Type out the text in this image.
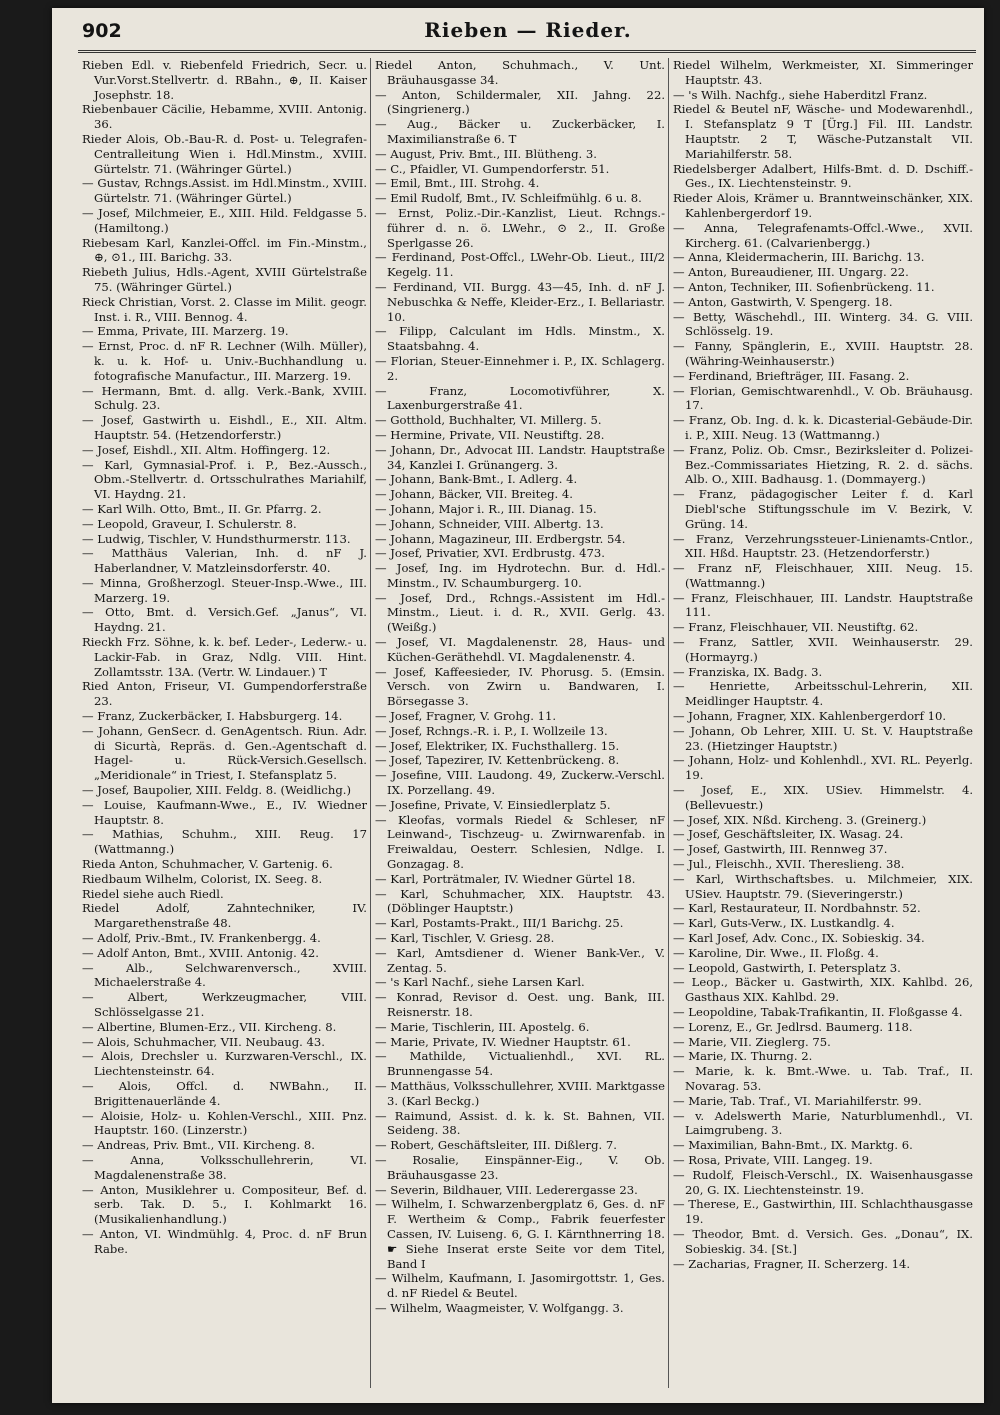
902	Rieben — Rieder.

Rieben Edl. v. Riebenfeld Friedrich, Secr. u. Vur.Vorst.Stellvertr. d. RBahn., ⊕, II. Kaiser Josephstr. 18.

Riebenbauer Cäcilie, Hebamme, XVIII. Antonig. 36.

Rieder Alois, Ob.-Bau-R. d. Post- u. Telegrafen-Centralleitung Wien i. Hdl.Minstm., XVIII. Gürtelstr. 71. (Währinger Gürtel.)

— Gustav, Rchngs.Assist. im Hdl.Minstm., XVIII. Gürtelstr. 71. (Währinger Gürtel.)

— Josef, Milchmeier, E., XIII. Hild. Feldgasse 5. (Hamiltong.)

Riebesam Karl, Kanzlei-Offcl. im Fin.-Minstm., ⊕, ⊙1., III. Barichg. 33.

Riebeth Julius, Hdls.-Agent, XVIII Gürtelstraße 75. (Währinger Gürtel.)

Rieck Christian, Vorst. 2. Classe im Milit. geogr. Inst. i. R., VIII. Bennog. 4.

— Emma, Private, III. Marzerg. 19.

— Ernst, Proc. d. nF R. Lechner (Wilh. Müller), k. u. k. Hof- u. Univ.-Buchhandlung u. fotografische Manufactur., III. Marzerg. 19.

— Hermann, Bmt. d. allg. Verk.-Bank, XVIII. Schulg. 23.

— Josef, Gastwirth u. Eishdl., E., XII. Altm. Hauptstr. 54. (Hetzendorferstr.)

— Josef, Eishdl., XII. Altm. Hoffingerg. 12.

— Karl, Gymnasial-Prof. i. P., Bez.-Aussch., Obm.-Stellvertr. d. Ortsschulrathes Mariahilf, VI. Haydng. 21.

— Karl Wilh. Otto, Bmt., II. Gr. Pfarrg. 2.

— Leopold, Graveur, I. Schulerstr. 8.

— Ludwig, Tischler, V. Hundsthurmerstr. 113.

— Matthäus Valerian, Inh. d. nF J. Haberlandner, V. Matzleinsdorferstr. 40.

— Minna, Großherzogl. Steuer-Insp.-Wwe., III. Marzerg. 19.

— Otto, Bmt. d. Versich.Gef. „Janus“, VI. Haydng. 21.

Rieckh Frz. Söhne, k. k. bef. Leder-, Lederw.- u. Lackir-Fab. in Graz, Ndlg. VIII. Hint. Zollamtsstr. 13A. (Vertr. W. Lindauer.) T

Ried Anton, Friseur, VI. Gumpendorferstraße 23.

— Franz, Zuckerbäcker, I. Habsburgerg. 14.

— Johann, GenSecr. d. GenAgentsch. Riun. Adr. di Sicurtà, Repräs. d. Gen.-Agentschaft d. Hagel- u. Rück-Versich.Gesellsch. „Meridionale“ in Triest, I. Stefansplatz 5.

— Josef, Baupolier, XIII. Feldg. 8. (Weidlichg.)

— Louise, Kaufmann-Wwe., E., IV. Wiedner Hauptstr. 8.

— Mathias, Schuhm., XIII. Reug. 17 (Wattmanng.)

Rieda Anton, Schuhmacher, V. Gartenig. 6.

Riedbaum Wilhelm, Colorist, IX. Seeg. 8.

Riedel siehe auch Riedl.

Riedel Adolf, Zahntechniker, IV. Margarethenstraße 48.

— Adolf, Priv.-Bmt., IV. Frankenbergg. 4.

— Adolf Anton, Bmt., XVIII. Antonig. 42.

— Alb., Selchwarenversch., XVIII. Michaelerstraße 4.

— Albert, Werkzeugmacher, VIII. Schlösselgasse 21.

— Albertine, Blumen-Erz., VII. Kircheng. 8.

— Alois, Schuhmacher, VII. Neubaug. 43.

— Alois, Drechsler u. Kurzwaren-Verschl., IX. Liechtensteinstr. 64.

— Alois, Offcl. d. NWBahn., II. Brigittenauerlände 4.

— Aloisie, Holz- u. Kohlen-Verschl., XIII. Pnz. Hauptstr. 160. (Linzerstr.)

— Andreas, Priv. Bmt., VII. Kircheng. 8.

— Anna, Volksschullehrerin, VI. Magdalenenstraße 38.

— Anton, Musiklehrer u. Compositeur, Bef. d. serb. Tak. D. 5., I. Kohlmarkt 16. (Musikalienhandlung.)

— Anton, VI. Windmühlg. 4, Proc. d. nF Brun Rabe.

Riedel Anton, Schuhmach., V. Unt. Bräuhausgasse 34.

— Anton, Schildermaler, XII. Jahng. 22. (Singrienerg.)

— Aug., Bäcker u. Zuckerbäcker, I. Maximilianstraße 6. T

— August, Priv. Bmt., III. Blütheng. 3.

— C., Pfaidler, VI. Gumpendorferstr. 51.

— Emil, Bmt., III. Strohg. 4.

— Emil Rudolf, Bmt., IV. Schleifmühlg. 6 u. 8.

— Ernst, Poliz.-Dir.-Kanzlist, Lieut. Rchngs.-führer d. n. ö. LWehr., ⊙ 2., II. Große Sperlgasse 26.

— Ferdinand, Post-Offcl., LWehr-Ob. Lieut., III/2 Kegelg. 11.

— Ferdinand, VII. Burgg. 43—45, Inh. d. nF J. Nebuschka & Neffe, Kleider-Erz., I. Bellariastr. 10.

— Filipp, Calculant im Hdls. Minstm., X. Staatsbahng. 4.

— Florian, Steuer-Einnehmer i. P., IX. Schlagerg. 2.

— Franz, Locomotivführer, X. Laxenburgerstraße 41.

— Gotthold, Buchhalter, VI. Millerg. 5.

— Hermine, Private, VII. Neustiftg. 28.

— Johann, Dr., Advocat III. Landstr. Hauptstraße 34, Kanzlei I. Grünangerg. 3.

— Johann, Bank-Bmt., I. Adlerg. 4.

— Johann, Bäcker, VII. Breiteg. 4.

— Johann, Major i. R., III. Dianag. 15.

— Johann, Schneider, VIII. Albertg. 13.

— Johann, Magazineur, III. Erdbergstr. 54.

— Josef, Privatier, XVI. Erdbrustg. 473.

— Josef, Ing. im Hydrotechn. Bur. d. Hdl.-Minstm., IV. Schaumburgerg. 10.

— Josef, Drd., Rchngs.-Assistent im Hdl.-Minstm., Lieut. i. d. R., XVII. Gerlg. 43. (Weißg.)

— Josef, VI. Magdalenenstr. 28, Haus- und Küchen-Geräthehdl. VI. Magdalenenstr. 4.

— Josef, Kaffeesieder, IV. Phorusg. 5. (Emsin. Versch. von Zwirn u. Bandwaren, I. Börsegasse 3.

— Josef, Fragner, V. Grohg. 11.

— Josef, Rchngs.-R. i. P., I. Wollzeile 13.

— Josef, Elektriker, IX. Fuchsthallerg. 15.

— Josef, Tapezirer, IV. Kettenbrückeng. 8.

— Josefine, VIII. Laudong. 49, Zuckerw.-Verschl. IX. Porzellang. 49.

— Josefine, Private, V. Einsiedlerplatz 5.

— Kleofas, vormals Riedel & Schleser, nF Leinwand-, Tischzeug- u. Zwirnwarenfab. in Freiwaldau, Oesterr. Schlesien, Ndlge. I. Gonzagag. 8.

— Karl, Porträtmaler, IV. Wiedner Gürtel 18.

— Karl, Schuhmacher, XIX. Hauptstr. 43. (Döblinger Hauptstr.)

— Karl, Postamts-Prakt., III/1 Barichg. 25.

— Karl, Tischler, V. Griesg. 28.

— Karl, Amtsdiener d. Wiener Bank-Ver., V. Zentag. 5.

— 's Karl Nachf., siehe Larsen Karl.

— Konrad, Revisor d. Oest. ung. Bank, III. Reisnerstr. 18.

— Marie, Tischlerin, III. Apostelg. 6.

— Marie, Private, IV. Wiedner Hauptstr. 61.

— Mathilde, Victualienhdl., XVI. RL. Brunnengasse 54.

— Matthäus, Volksschullehrer, XVIII. Marktgasse 3. (Karl Beckg.)

— Raimund, Assist. d. k. k. St. Bahnen, VII. Seideng. 38.

— Robert, Geschäftsleiter, III. Dißlerg. 7.

— Rosalie, Einspänner-Eig., V. Ob. Bräuhausgasse 23.

— Severin, Bildhauer, VIII. Lederergasse 23.

— Wilhelm, I. Schwarzenbergplatz 6, Ges. d. nF F. Wertheim & Comp., Fabrik feuerfester Cassen, IV. Luiseng. 6, G. I. Kärnthnerring 18. ☛ Siehe Inserat erste Seite vor dem Titel, Band I

— Wilhelm, Kaufmann, I. Jasomirgottstr. 1, Ges. d. nF Riedel & Beutel.

— Wilhelm, Waagmeister, V. Wolfgangg. 3.

Riedel Wilhelm, Werkmeister, XI. Simmeringer Hauptstr. 43.

— 's Wilh. Nachfg., siehe Haberditzl Franz.

Riedel & Beutel nF, Wäsche- und Modewarenhdl., I. Stefansplatz 9 T [Ürg.] Fil. III. Landstr. Hauptstr. 2 T, Wäsche-Putzanstalt VII. Mariahilferstr. 58.

Riedelsberger Adalbert, Hilfs-Bmt. d. D. Dschiff.-Ges., IX. Liechtensteinstr. 9.

Rieder Alois, Krämer u. Branntweinschänker, XIX. Kahlenbergerdorf 19.

— Anna, Telegrafenamts-Offcl.-Wwe., XVII. Kircherg. 61. (Calvarienbergg.)

— Anna, Kleidermacherin, III. Barichg. 13.

— Anton, Bureaudiener, III. Ungarg. 22.

— Anton, Techniker, III. Sofienbrückeng. 11.

— Anton, Gastwirth, V. Spengerg. 18.

— Betty, Wäschehdl., III. Winterg. 34. G. VIII. Schlösselg. 19.

— Fanny, Spänglerin, E., XVIII. Hauptstr. 28. (Währing-Weinhauserstr.)

— Ferdinand, Briefträger, III. Fasang. 2.

— Florian, Gemischtwarenhdl., V. Ob. Bräuhausg. 17.

— Franz, Ob. Ing. d. k. k. Dicasterial-Gebäude-Dir. i. P., XIII. Neug. 13 (Wattmanng.)

— Franz, Poliz. Ob. Cmsr., Bezirksleiter d. Polizei-Bez.-Commissariates Hietzing, R. 2. d. sächs. Alb. O., XIII. Badhausg. 1. (Dommayerg.)

— Franz, pädagogischer Leiter f. d. Karl Diebl'sche Stiftungsschule im V. Bezirk, V. Grüng. 14.

— Franz, Verzehrungssteuer-Linienamts-Cntlor., XII. Hßd. Hauptstr. 23. (Hetzendorferstr.)

— Franz nF, Fleischhauer, XIII. Neug. 15. (Wattmanng.)

— Franz, Fleischhauer, III. Landstr. Hauptstraße 111.

— Franz, Fleischhauer, VII. Neustiftg. 62.

— Franz, Sattler, XVII. Weinhauserstr. 29. (Hormayrg.)

— Franziska, IX. Badg. 3.

— Henriette, Arbeitsschul-Lehrerin, XII. Meidlinger Hauptstr. 4.

— Johann, Fragner, XIX. Kahlenbergerdorf 10.

— Johann, Ob Lehrer, XIII. U. St. V. Hauptstraße 23. (Hietzinger Hauptstr.)

— Johann, Holz- und Kohlenhdl., XVI. RL. Peyerlg. 19.

— Josef, E., XIX. USiev. Himmelstr. 4. (Bellevuestr.)

— Josef, XIX. Nßd. Kircheng. 3. (Greinerg.)

— Josef, Geschäftsleiter, IX. Wasag. 24.

— Josef, Gastwirth, III. Rennweg 37.

— Jul., Fleischh., XVII. Thereslieng. 38.

— Karl, Wirthschaftsbes. u. Milchmeier, XIX. USiev. Hauptstr. 79. (Sieveringerstr.)

— Karl, Restaurateur, II. Nordbahnstr. 52.

— Karl, Guts-Verw., IX. Lustkandlg. 4.

— Karl Josef, Adv. Conc., IX. Sobieskig. 34.

— Karoline, Dir. Wwe., II. Floßg. 4.

— Leopold, Gastwirth, I. Petersplatz 3.

— Leop., Bäcker u. Gastwirth, XIX. Kahlbd. 26, Gasthaus XIX. Kahlbd. 29.

— Leopoldine, Tabak-Trafikantin, II. Floßgasse 4.

— Lorenz, E., Gr. Jedlrsd. Baumerg. 118.

— Marie, VII. Zieglerg. 75.

— Marie, IX. Thurng. 2.

— Marie, k. k. Bmt.-Wwe. u. Tab. Traf., II. Novarag. 53.

— Marie, Tab. Traf., VI. Mariahilferstr. 99.

— v. Adelswerth Marie, Naturblumenhdl., VI. Laimgrubeng. 3.

— Maximilian, Bahn-Bmt., IX. Marktg. 6.

— Rosa, Private, VIII. Langeg. 19.

— Rudolf, Fleisch-Verschl., IX. Waisenhausgasse 20, G. IX. Liechtensteinstr. 19.

— Therese, E., Gastwirthin, III. Schlachthausgasse 19.

— Theodor, Bmt. d. Versich. Ges. „Donau“, IX. Sobieskig. 34. [St.]

— Zacharias, Fragner, II. Scherzerg. 14.
